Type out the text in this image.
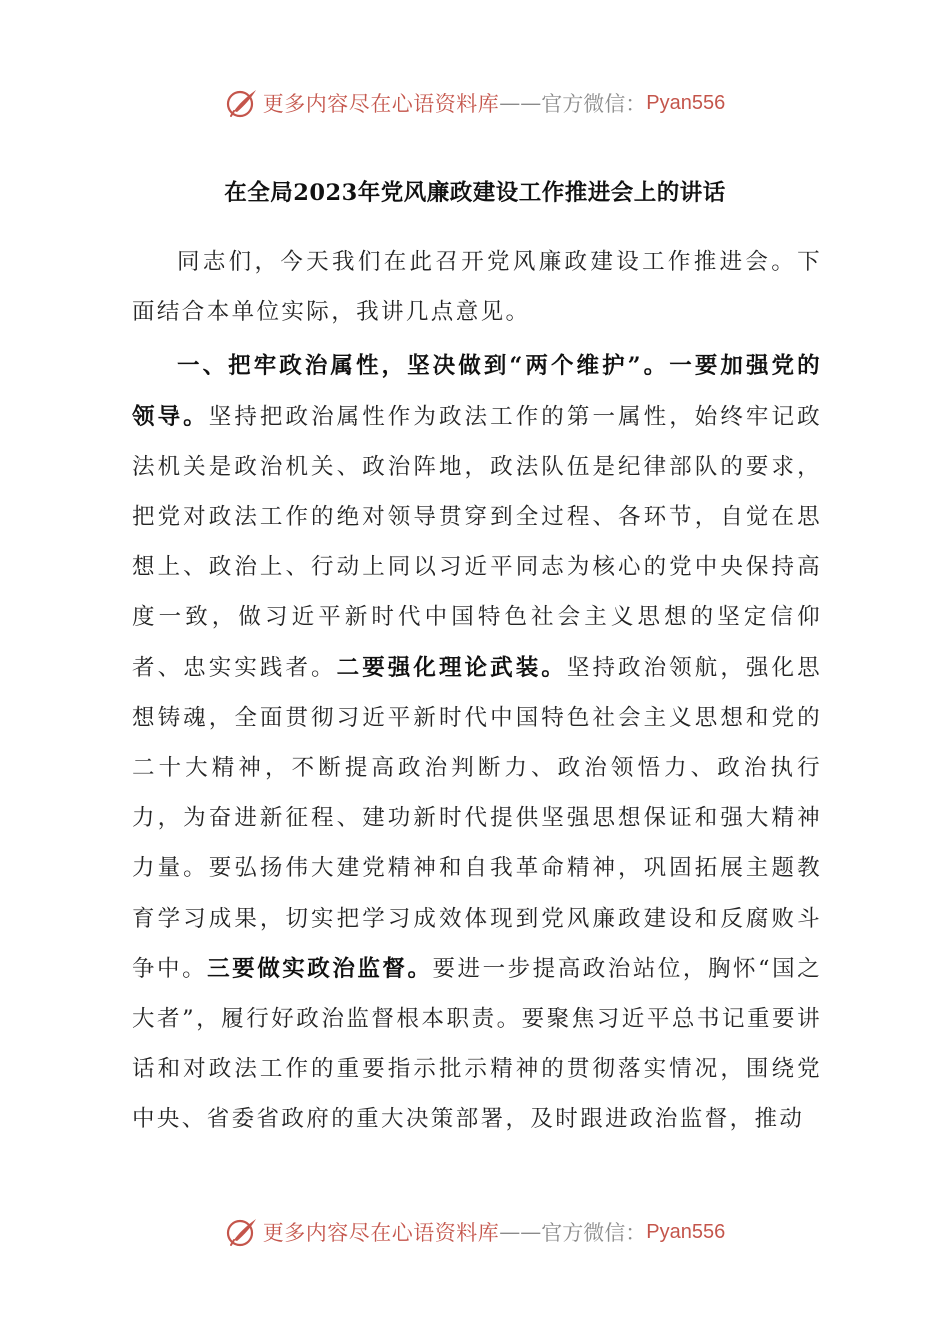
更多内容尽在心语资料库 —— 官方微信： Pyan556
在全局2023年党风廉政建设工作推进会上的讲话

同志们，今天我们在此召开党风廉政建设工作推进会。下面结合本单位实际，我讲几点意见。

一、把牢政治属性，坚决做到“两个维护”。一要加强党的领导。坚持把政治属性作为政法工作的第一属性，始终牢记政法机关是政治机关、政治阵地，政法队伍是纪律部队的要求，把党对政法工作的绝对领导贯穿到全过程、各环节，自觉在思想上、政治上、行动上同以习近平同志为核心的党中央保持高度一致，做习近平新时代中国特色社会主义思想的坚定信仰者、忠实实践者。二要强化理论武装。坚持政治领航，强化思想铸魂，全面贯彻习近平新时代中国特色社会主义思想和党的二十大精神，不断提高政治判断力、政治领悟力、政治执行力，为奋进新征程、建功新时代提供坚强思想保证和强大精神力量。要弘扬伟大建党精神和自我革命精神，巩固拓展主题教育学习成果，切实把学习成效体现到党风廉政建设和反腐败斗争中。三要做实政治监督。要进一步提高政治站位，胸怀“国之大者”，履行好政治监督根本职责。要聚焦习近平总书记重要讲话和对政法工作的重要指示批示精神的贯彻落实情况，围绕党中央、省委省政府的重大决策部署，及时跟进政治监督，推动

更多内容尽在心语资料库 —— 官方微信： Pyan556
